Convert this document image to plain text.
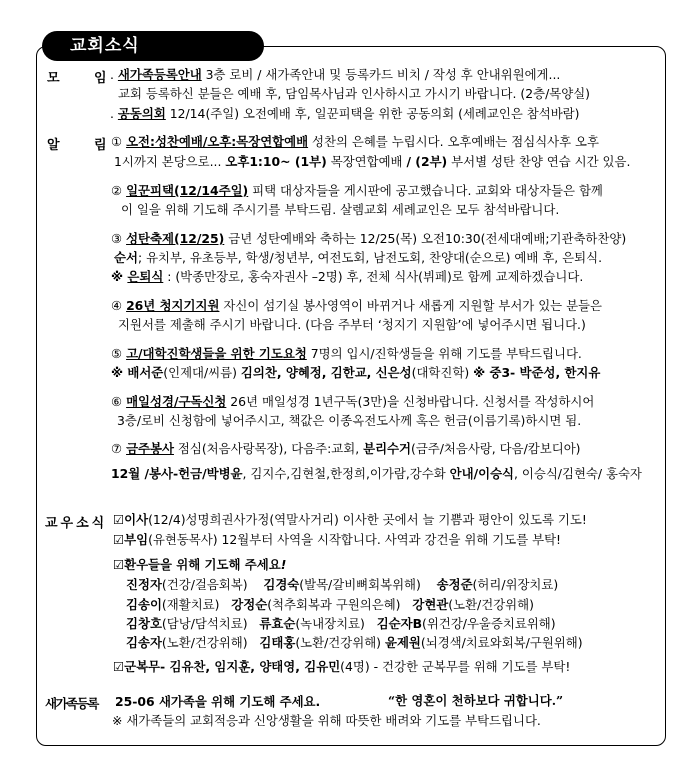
교회소식
모	임 . 새가족등록안내 3층 로비 / 새가족안내 및 등록카드 비치 / 작성 후 안내위원에게...
교회 등록하신 분들은 예배 후, 담임목사님과 인사하시고 가시기 바랍니다. (2층/목양실)
. 공동의회 12/14(주일) 오전예배 후, 일꾼피택을 위한 공동의회 (세례교인은 참석바람)
알	림 ① 오전:성찬예배/오후:목장연합예배 성찬의 은혜를 누립시다. 오후예배는 점심식사후 오후
1시까지 본당으로... 오후1:10~ (1부) 목장연합예배 / (2부) 부서별 성탄 찬양 연습 시간 있음.
② 일꾼피택(12/14주일) 피택 대상자들을 게시판에 공고했습니다. 교회와 대상자들은 함께
이 일을 위해 기도해 주시기를 부탁드림. 살렘교회 세례교인은 모두 참석바랍니다.
③ 성탄축제(12/25) 금년 성탄예배와 축하는 12/25(목) 오전10:30(전세대예배;기관축하찬양)
순서; 유치부, 유초등부, 학생/청년부, 여전도회, 남전도회, 찬양대(순으로) 예배 후, 은퇴식.
※ 은퇴식 : (박종만장로, 홍숙자권사 –2명) 후, 전체 식사(뷔페)로 함께 교제하겠습니다.
④ 26년 청지기지원 자신이 섬기실 봉사영역이 바뀌거나 새롭게 지원할 부서가 있는 분들은
지원서를 제출해 주시기 바랍니다. (다음 주부터 ‘청지기 지원함’에 넣어주시면 됩니다.)
⑤ 고/대학진학생들을 위한 기도요청 7명의 입시/진학생들을 위해 기도를 부탁드립니다.
※ 배서준(인제대/씨름) 김의찬, 양혜정, 김한교, 신은성(대학진학) ※ 중3- 박준성, 한지유
⑥ 매일성경/구독신청 26년 매일성경 1년구독(3만)을 신청바랍니다. 신청서를 작성하시어
3층/로비 신청함에 넣어주시고, 책값은 이종옥전도사께 혹은 헌금(이름기록)하시면 됨.
⑦ 금주봉사 점심(처음사랑목장), 다음주:교회, 분리수거(금주/처음사랑, 다음/캄보디아)
12월 /봉사-헌금/박병윤, 김지수,김현철,한정희,이가람,강수화 안내/이승식, 이승식/김현숙/ 홍숙자
교우소식 ☑이사(12/4)성명희권사가정(역말사거리) 이사한 곳에서 늘 기쁨과 평안이 있도록 기도!
☑부임(유현동목사) 12월부터 사역을 시작합니다. 사역과 강건을 위해 기도를 부탁!
☑환우들을 위해 기도해 주세요!
진정자(건강/걸음회복) 김경숙(발목/갈비뼈회복위해) 송정준(허리/위장치료)
김송이(재활치료) 강정순(척추회복과 구원의은혜) 강현관(노환/건강위해)
김창호(담낭/담석치료) 류효순(녹내장치료) 김순자B(위건강/우울증치료위해)
김송자(노환/건강위해) 김태홍(노환/건강위해) 윤제원(뇌경색/치료와회복/구원위해)
☑군복무- 김유찬, 임지훈, 양태영, 김유민(4명) - 건강한 군복무를 위해 기도를 부탁!
새가족등록 25-06 새가족을 위해 기도해 주세요.	“한 영혼이 천하보다 귀합니다.”
※ 새가족들의 교회적응과 신앙생활을 위해 따뜻한 배려와 기도를 부탁드립니다.
